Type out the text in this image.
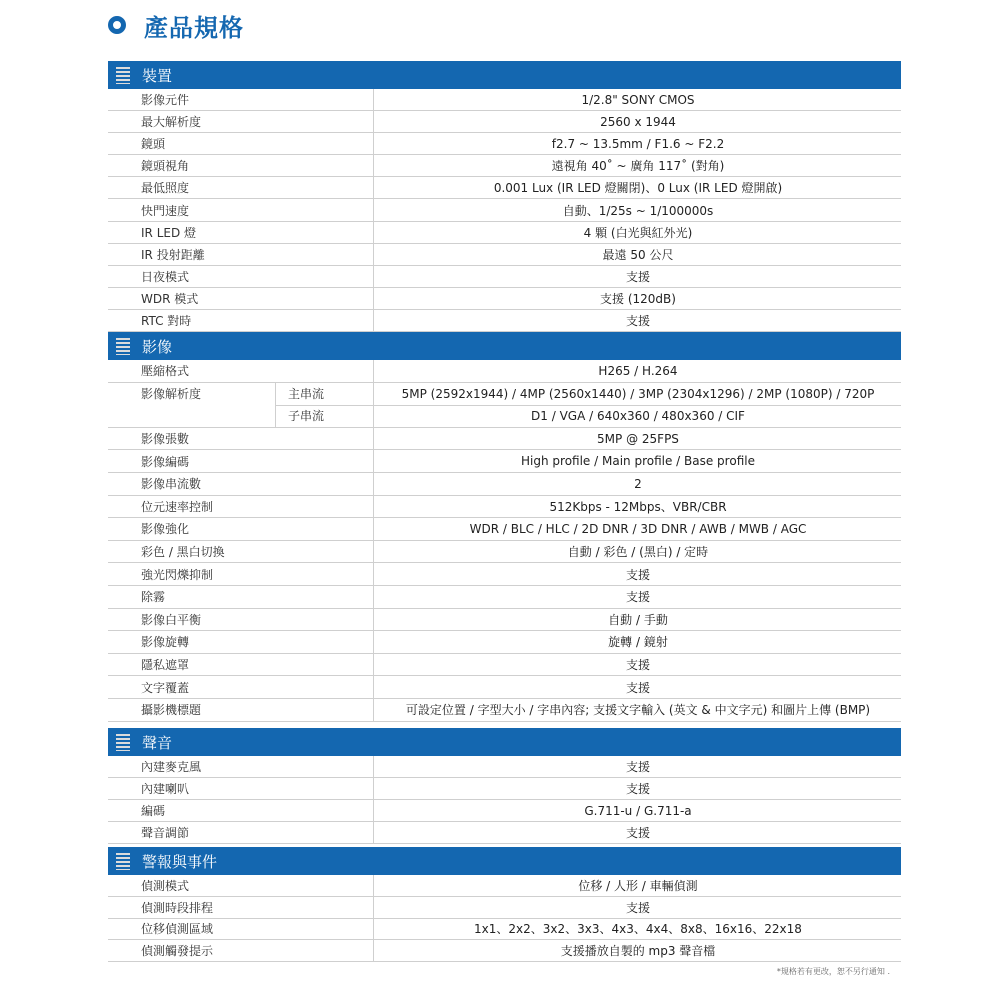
產品規格
裝置
影像元件	1/2.8" SONY CMOS
最大解析度	2560 x 1944
鏡頭	f2.7 ~ 13.5mm / F1.6 ~ F2.2
鏡頭視角	遠視角 40˚ ~ 廣角 117˚ (對角)
最低照度	0.001 Lux (IR LED 燈關閉)、0 Lux (IR LED 燈開啟)
快門速度	自動、1/25s ~ 1/100000s
IR LED 燈	4 顆 (白光與紅外光)
IR 投射距離	最遠 50 公尺
日夜模式	支援
WDR 模式	支援 (120dB)
RTC 對時	支援
影像
壓縮格式	H265 / H.264
影像解析度	主串流	5MP (2592x1944) / 4MP (2560x1440) / 3MP (2304x1296) / 2MP (1080P) / 720P
子串流	D1 / VGA / 640x360 / 480x360 / CIF
影像張數	5MP @ 25FPS
影像編碼	High profile / Main profile / Base profile
影像串流數	2
位元速率控制	512Kbps - 12Mbps、VBR/CBR
影像強化	WDR / BLC / HLC / 2D DNR / 3D DNR / AWB / MWB / AGC
彩色 / 黑白切換	自動 / 彩色 / (黑白) / 定時
強光閃爍抑制	支援
除霧	支援
影像白平衡	自動 / 手動
影像旋轉	旋轉 / 鏡射
隱私遮罩	支援
文字覆蓋	支援
攝影機標題	可設定位置 / 字型大小 / 字串內容; 支援文字輸入 (英文 & 中文字元) 和圖片上傳 (BMP)
聲音
內建麥克風	支援
內建喇叭	支援
編碼	G.711-u / G.711-a
聲音調節	支援
警報與事件
偵測模式	位移 / 人形 / 車輛偵測
偵測時段排程	支援
位移偵測區域	1x1、2x2、3x2、3x3、4x3、4x4、8x8、16x16、22x18
偵測觸發提示	支援播放自製的 mp3 聲音檔
*規格若有更改，恕不另行通知 .
